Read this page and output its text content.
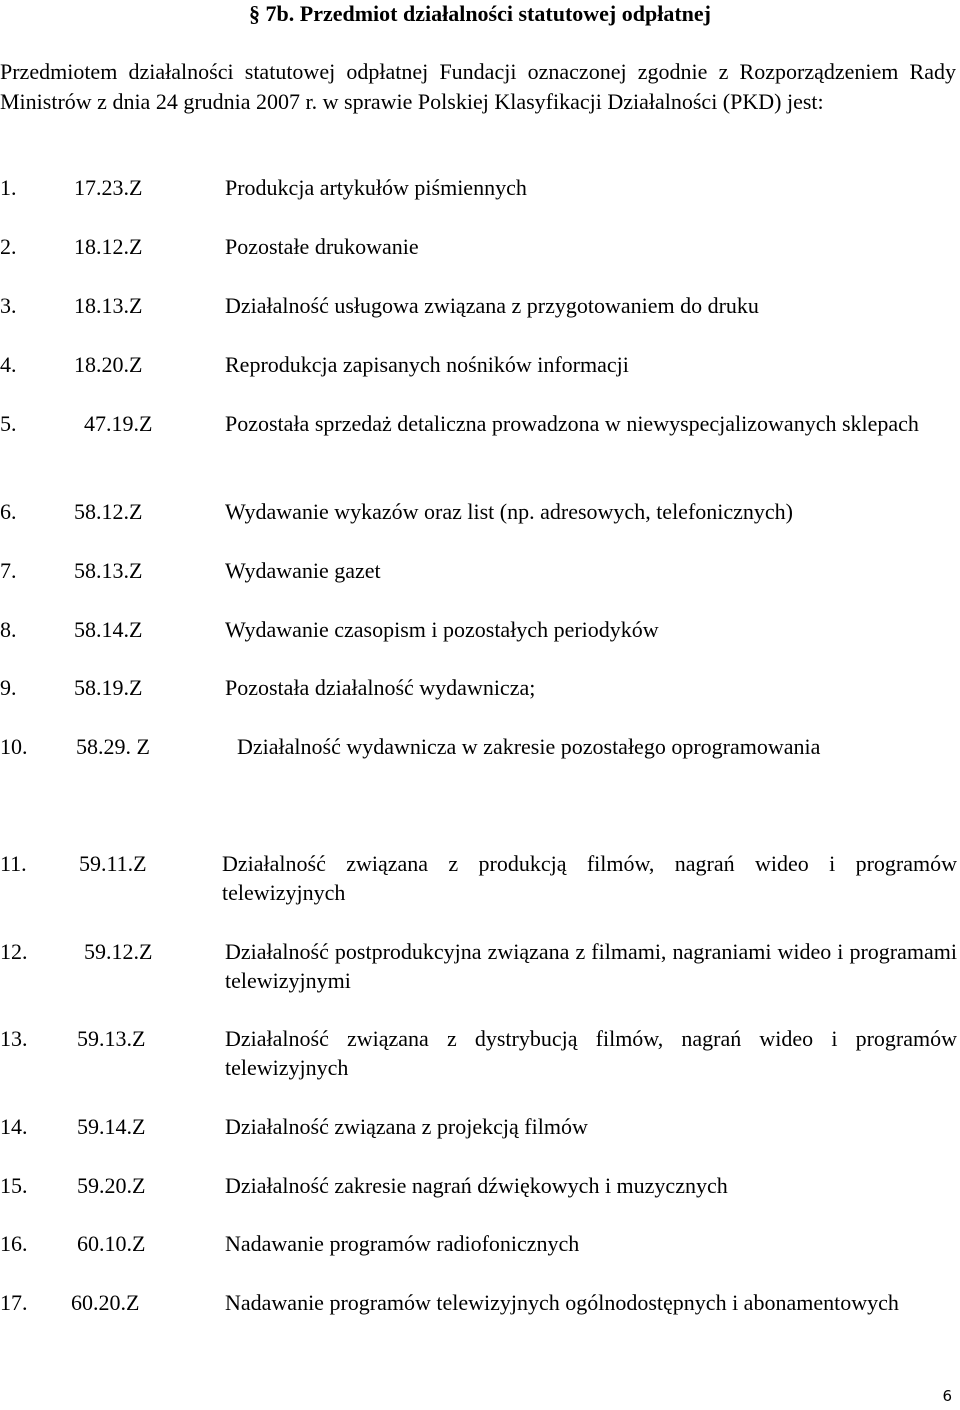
§ 7b. Przedmiot działalności statutowej odpłatnej
Przedmiotem działalności statutowej odpłatnej Fundacji oznaczonej zgodnie z Rozporządzeniem Rady Ministrów z dnia 24 grudnia 2007 r. w sprawie Polskiej Klasyfikacji Działalności (PKD) jest:
1.	17.23.Z	Produkcja artykułów piśmiennych
2.	18.12.Z	Pozostałe drukowanie
3.	18.13.Z	Działalność usługowa związana z przygotowaniem do druku
4.	18.20.Z	Reprodukcja zapisanych nośników informacji
5.	47.19.Z	Pozostała sprzedaż detaliczna prowadzona w niewyspecjalizowanych sklepach
6.	58.12.Z	Wydawanie wykazów oraz list (np. adresowych, telefonicznych)
7.	58.13.Z	Wydawanie gazet
8.	58.14.Z	Wydawanie czasopism i pozostałych periodyków
9.	58.19.Z	Pozostała działalność wydawnicza;
10. 58.29. Z	Działalność wydawnicza w zakresie pozostałego oprogramowania
11. 59.11.Z	Działalność związana z produkcją filmów, nagrań wideo i programów telewizyjnych
12.	59.12.Z	Działalność postprodukcyjna związana z filmami, nagraniami wideo i programami telewizyjnymi
13. 59.13.Z	Działalność związana z dystrybucją filmów, nagrań wideo i programów telewizyjnych
14. 59.14.Z	Działalność związana z projekcją filmów
15. 59.20.Z	Działalność zakresie nagrań dźwiękowych i muzycznych
16. 60.10.Z	Nadawanie programów radiofonicznych
17. 60.20.Z	Nadawanie programów telewizyjnych ogólnodostępnych i abonamentowych
6
